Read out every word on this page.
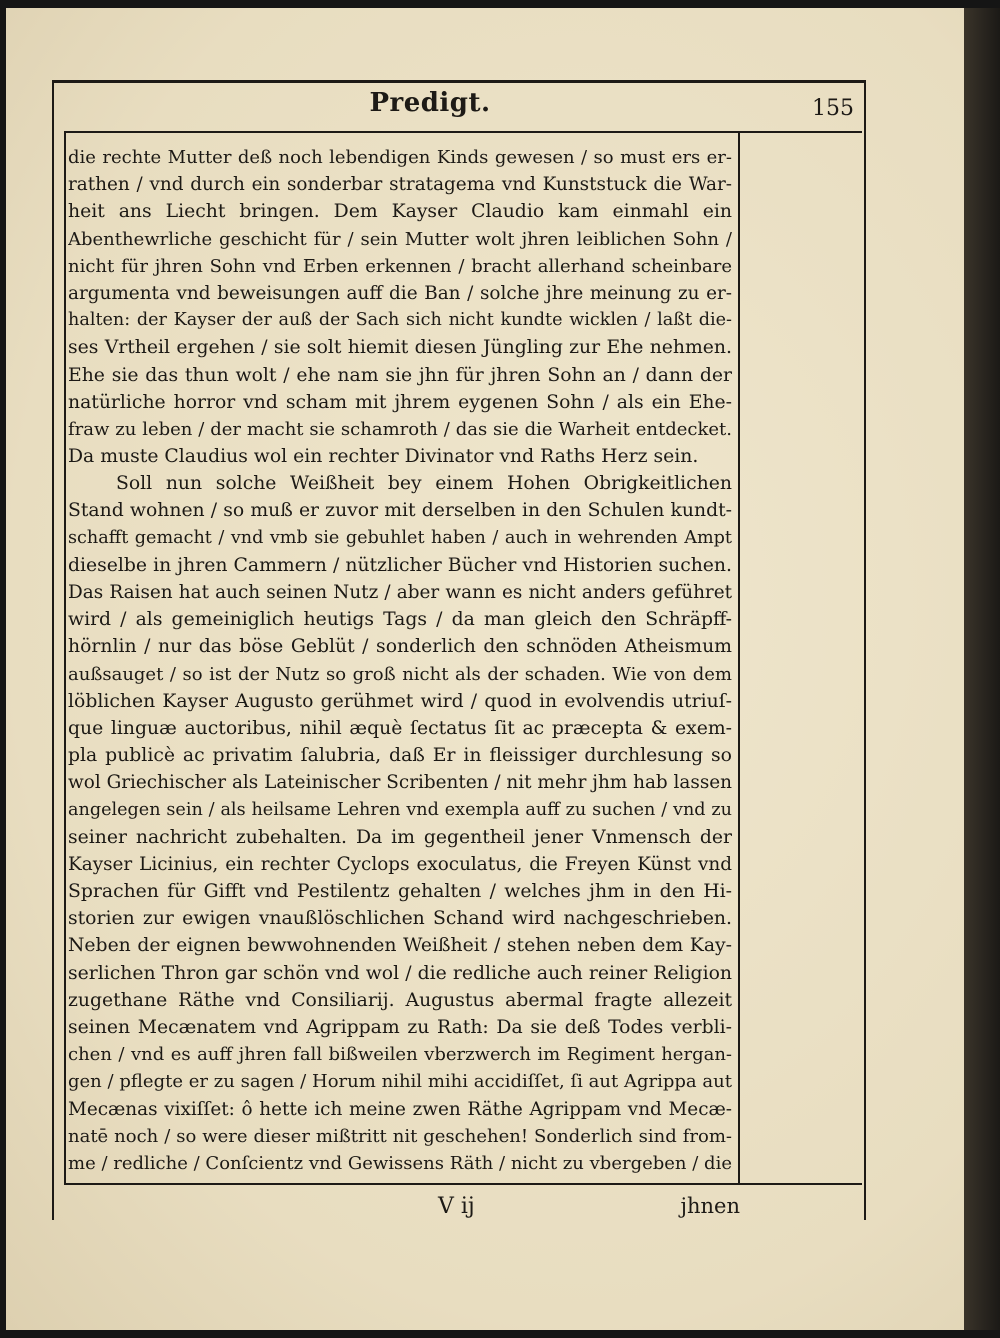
Predigt.	155
die rechte Mutter deß noch lebendigen Kinds gewesen / so must ers er-
rathen / vnd durch ein sonderbar stratagema vnd Kunststuck die War-
heit ans Liecht bringen. Dem Kayser Claudio kam einmahl ein
Abenthewrliche geschicht für / sein Mutter wolt jhren leiblichen Sohn /
nicht für jhren Sohn vnd Erben erkennen / bracht allerhand scheinbare
argumenta vnd beweisungen auff die Ban / solche jhre meinung zu er-
halten: der Kayser der auß der Sach sich nicht kundte wicklen / laßt die-
ses Vrtheil ergehen / sie solt hiemit diesen Jüngling zur Ehe nehmen.
Ehe sie das thun wolt / ehe nam sie jhn für jhren Sohn an / dann der
natürliche horror vnd scham mit jhrem eygenen Sohn / als ein Ehe-
fraw zu leben / der macht sie schamroth / das sie die Warheit entdecket.
Da muste Claudius wol ein rechter Divinator vnd Raths Herz sein.
Soll nun solche Weißheit bey einem Hohen Obrigkeitlichen
Stand wohnen / so muß er zuvor mit derselben in den Schulen kundt-
schafft gemacht / vnd vmb sie gebuhlet haben / auch in wehrenden Ampt
dieselbe in jhren Cammern / nützlicher Bücher vnd Historien suchen.
Das Raisen hat auch seinen Nutz / aber wann es nicht anders geführet
wird / als gemeiniglich heutigs Tags / da man gleich den Schräpff-
hörnlin / nur das böse Geblüt / sonderlich den schnöden Atheismum
außsauget / so ist der Nutz so groß nicht als der schaden. Wie von dem
löblichen Kayser Augusto gerühmet wird / quod in evolvendis utriuſ-
que linguæ auctoribus, nihil æquè ſectatus ſit ac præcepta & exem-
pla publicè ac privatim ſalubria, daß Er in fleissiger durchlesung so
wol Griechischer als Lateinischer Scribenten / nit mehr jhm hab lassen
angelegen sein / als heilsame Lehren vnd exempla auff zu suchen / vnd zu
seiner nachricht zubehalten. Da im gegentheil jener Vnmensch der
Kayser Licinius, ein rechter Cyclops exoculatus, die Freyen Künst vnd
Sprachen für Gifft vnd Pestilentz gehalten / welches jhm in den Hi-
storien zur ewigen vnaußlöschlichen Schand wird nachgeschrieben.
Neben der eignen bewwohnenden Weißheit / stehen neben dem Kay-
serlichen Thron gar schön vnd wol / die redliche auch reiner Religion
zugethane Räthe vnd Consiliarij. Augustus abermal fragte allezeit
seinen Mecænatem vnd Agrippam zu Rath: Da sie deß Todes verbli-
chen / vnd es auff jhren fall bißweilen vberzwerch im Regiment hergan-
gen / pflegte er zu sagen / Horum nihil mihi accidiſſet, ſi aut Agrippa aut
Mecænas vixiſſet: ô hette ich meine zwen Räthe Agrippam vnd Mecæ-
natē noch / so were dieser mißtritt nit geschehen! Sonderlich sind from-
me / redliche / Conſcientz vnd Gewissens Räth / nicht zu vbergeben / die
V ij	jhnen
